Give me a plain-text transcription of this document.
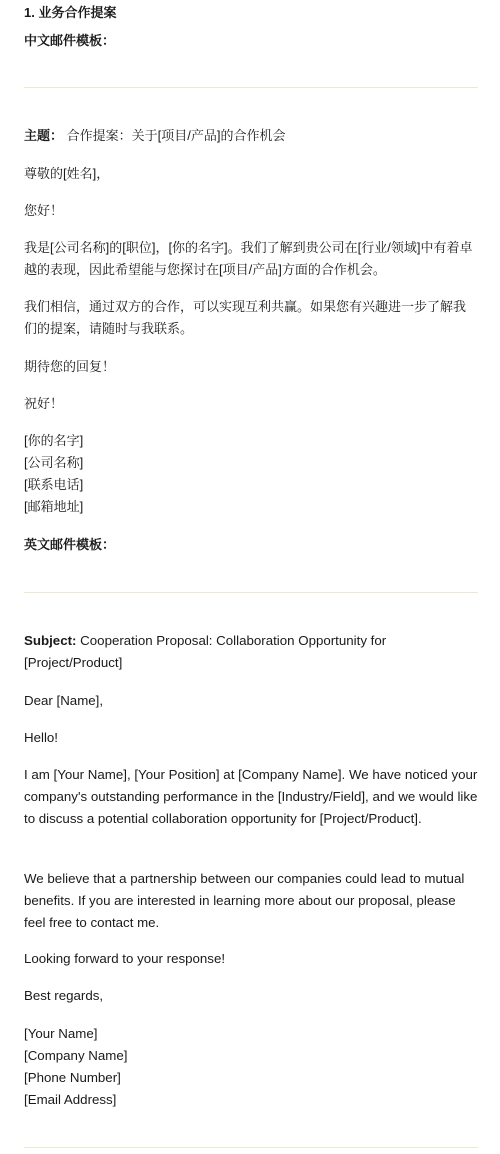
1. 业务合作提案
中文邮件模板：

主题： 合作提案：关于[项目/产品]的合作机会

尊敬的[姓名]，

您好！

我是[公司名称]的[职位]，[你的名字]。我们了解到贵公司在[行业/领域]中有着卓越的表现，因此希望能与您探讨在[项目/产品]方面的合作机会。

我们相信，通过双方的合作，可以实现互利共赢。如果您有兴趣进一步了解我们的提案，请随时与我联系。

期待您的回复！

祝好！

[你的名字]
[公司名称]
[联系电话]
[邮箱地址]
英文邮件模板：

Subject: Cooperation Proposal: Collaboration Opportunity for [Project/Product]

Dear [Name],

Hello!

I am [Your Name], [Your Position] at [Company Name]. We have noticed your company's outstanding performance in the [Industry/Field], and we would like to discuss a potential collaboration opportunity for [Project/Product].

We believe that a partnership between our companies could lead to mutual benefits. If you are interested in learning more about our proposal, please feel free to contact me.

Looking forward to your response!

Best regards,

[Your Name]
[Company Name]
[Phone Number]
[Email Address]
